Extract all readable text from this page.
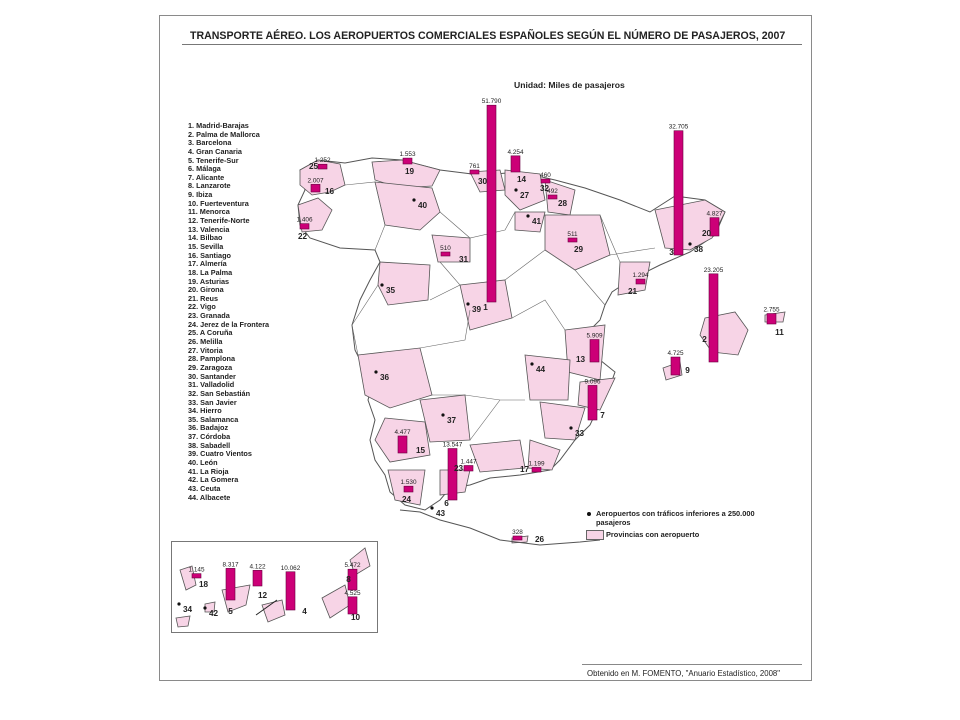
TRANSPORTE AÉREO. LOS AEROPUERTOS COMERCIALES ESPAÑOLES SEGÚN EL NÚMERO DE PASAJEROS, 2007
Unidad: Miles de pasajeros
1. Madrid-Barajas
2. Palma de Mallorca
3. Barcelona
4. Gran Canaria
5. Tenerife-Sur
6. Málaga
7. Alicante
8. Lanzarote
9. Ibiza
10. Fuerteventura
11. Menorca
12. Tenerife-Norte
13. Valencia
14. Bilbao
15. Sevilla
16. Santiago
17. Almería
18. La Palma
19. Asturias
20. Girona
21. Reus
22. Vigo
23. Granada
24. Jerez de la Frontera
25. A Coruña
26. Melilla
27. Vitoria
28. Pamplona
29. Zaragoza
30. Santander
31. Valladolid
32. San Sebastián
33. San Javier
34. Hierro
35. Salamanca
36. Badajoz
37. Córdoba
38. Sabadell
39. Cuatro Vientos
40. León
41. La Rioja
42. La Gomera
43. Ceuta
44. Albacete
51.790
1
23.205
2
32.705
3
10.062
4
8.317
5
13.547
6
9.096
7
5.472
8
4.725
9
4.525
10
2.755
11
4.122
12
5.909
13
4.254
14
4.477
15
2.007
16
1.199
17
1.145
18
1.553
19
4.827
20
1.294
21
1.406
22
1.447
23
1.530
24
1.252
25
328
26
492
28
511
29
761
30
510
31
460
32
27
33
34
35
36
37
38
39
40
41
42
43
44
Aeropuertos con tráficos inferiores a 250.000 pasajeros
Provincias con aeropuerto
Obtenido en M. FOMENTO, "Anuario Estadístico, 2008"
